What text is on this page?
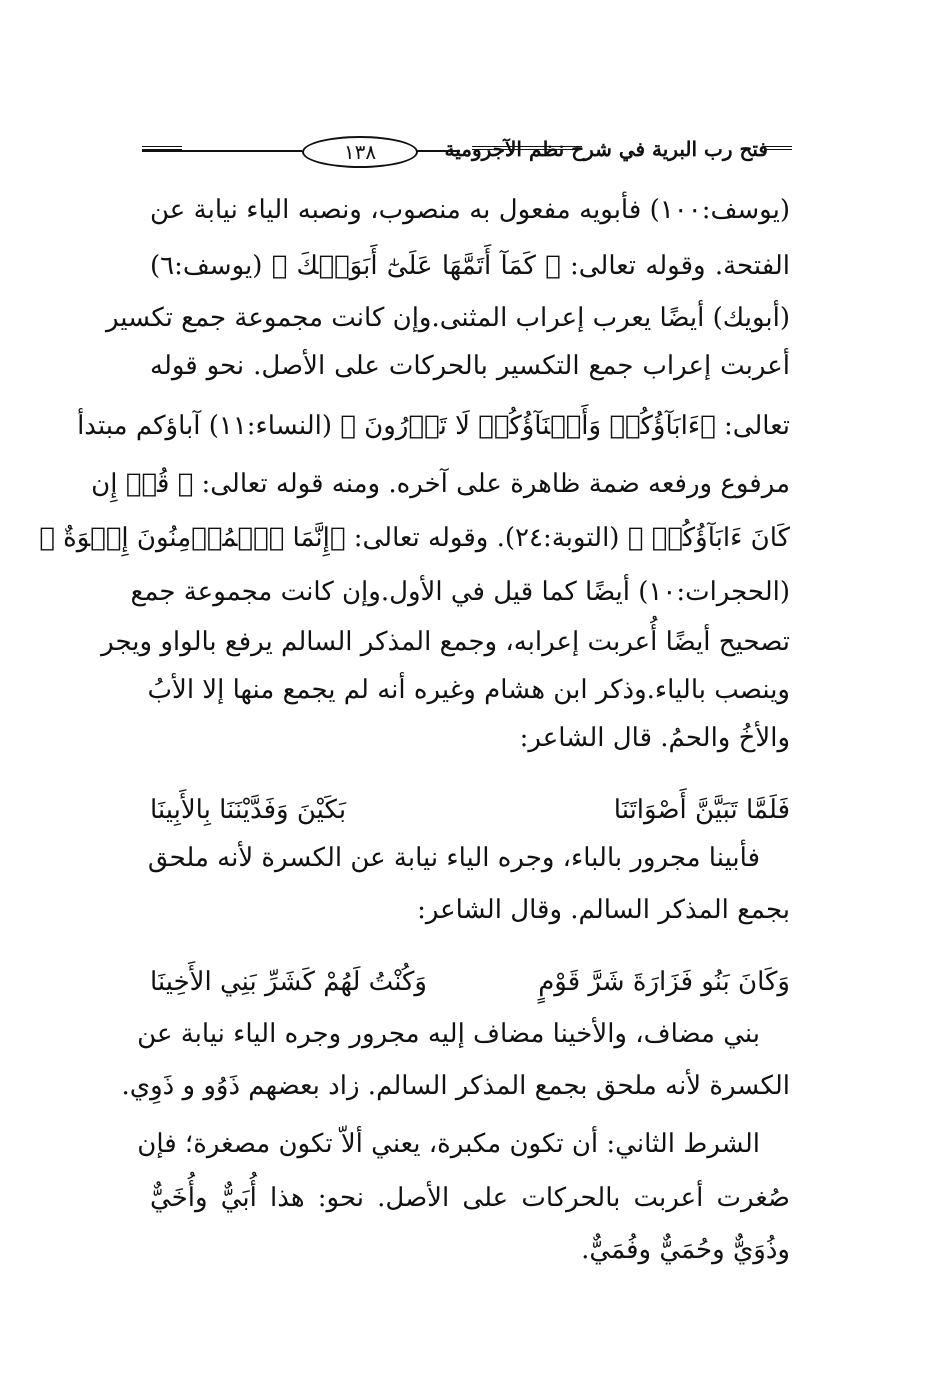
١٣٨	فتح رب البرية في شرح نظم الآجرومية
(يوسف:١٠٠) فأبويه مفعول به منصوب، ونصبه الياء نيابة عن
الفتحة. وقوله تعالى: ﴿ كَمَآ أَتَمَّهَا عَلَىٰٓ أَبَوَيۡكَ ﴾ (يوسف:٦)
(أبويك) أيضًا يعرب إعراب المثنى.وإن كانت مجموعة جمع تكسير
أعربت إعراب جمع التكسير بالحركات على الأصل. نحو قوله
تعالى: ﴿ءَابَآؤُكُمۡ وَأَبۡنَآؤُكُمۡ لَا تَدۡرُونَ ﴾ (النساء:١١) آباؤكم مبتدأ
مرفوع ورفعه ضمة ظاهرة على آخره. ومنه قوله تعالى: ﴿ قُلۡ إِن
كَانَ ءَابَآؤُكُمۡ ﴾ (التوبة:٢٤). وقوله تعالى: ﴿إِنَّمَا ٱلۡمُؤۡمِنُونَ إِخۡوَةٌ ﴾
(الحجرات:١٠) أيضًا كما قيل في الأول.وإن كانت مجموعة جمع
تصحيح أيضًا أُعربت إعرابه، وجمع المذكر السالم يرفع بالواو ويجر
وينصب بالياء.وذكر ابن هشام وغيره أنه لم يجمع منها إلا الأبُ
والأخُ والحمُ. قال الشاعر:
فَلَمَّا تَبَيَّنَّ أَصْوَاتَنَا
بَكَيْنَ وَفَدَّيْنَنَا بِالأَبِينَا
فأبينا مجرور بالباء، وجره الياء نيابة عن الكسرة لأنه ملحق
بجمع المذكر السالم. وقال الشاعر:
وَكَانَ بَنُو فَزَارَةَ شَرَّ قَوْمٍ
وَكُنْتُ لَهُمْ كَشَرِّ بَنِي الأَخِينَا
بني مضاف، والأخينا مضاف إليه مجرور وجره الياء نيابة عن
الكسرة لأنه ملحق بجمع المذكر السالم. زاد بعضهم ذَوُو و ذَوِي.
الشرط الثاني: أن تكون مكبرة، يعني ألاّ تكون مصغرة؛ فإن
صُغرت أعربت بالحركات على الأصل. نحو: هذا أُبَيٌّ وأُخَيٌّ
وذُوَيٌّ وحُمَيٌّ وفُمَيٌّ.
